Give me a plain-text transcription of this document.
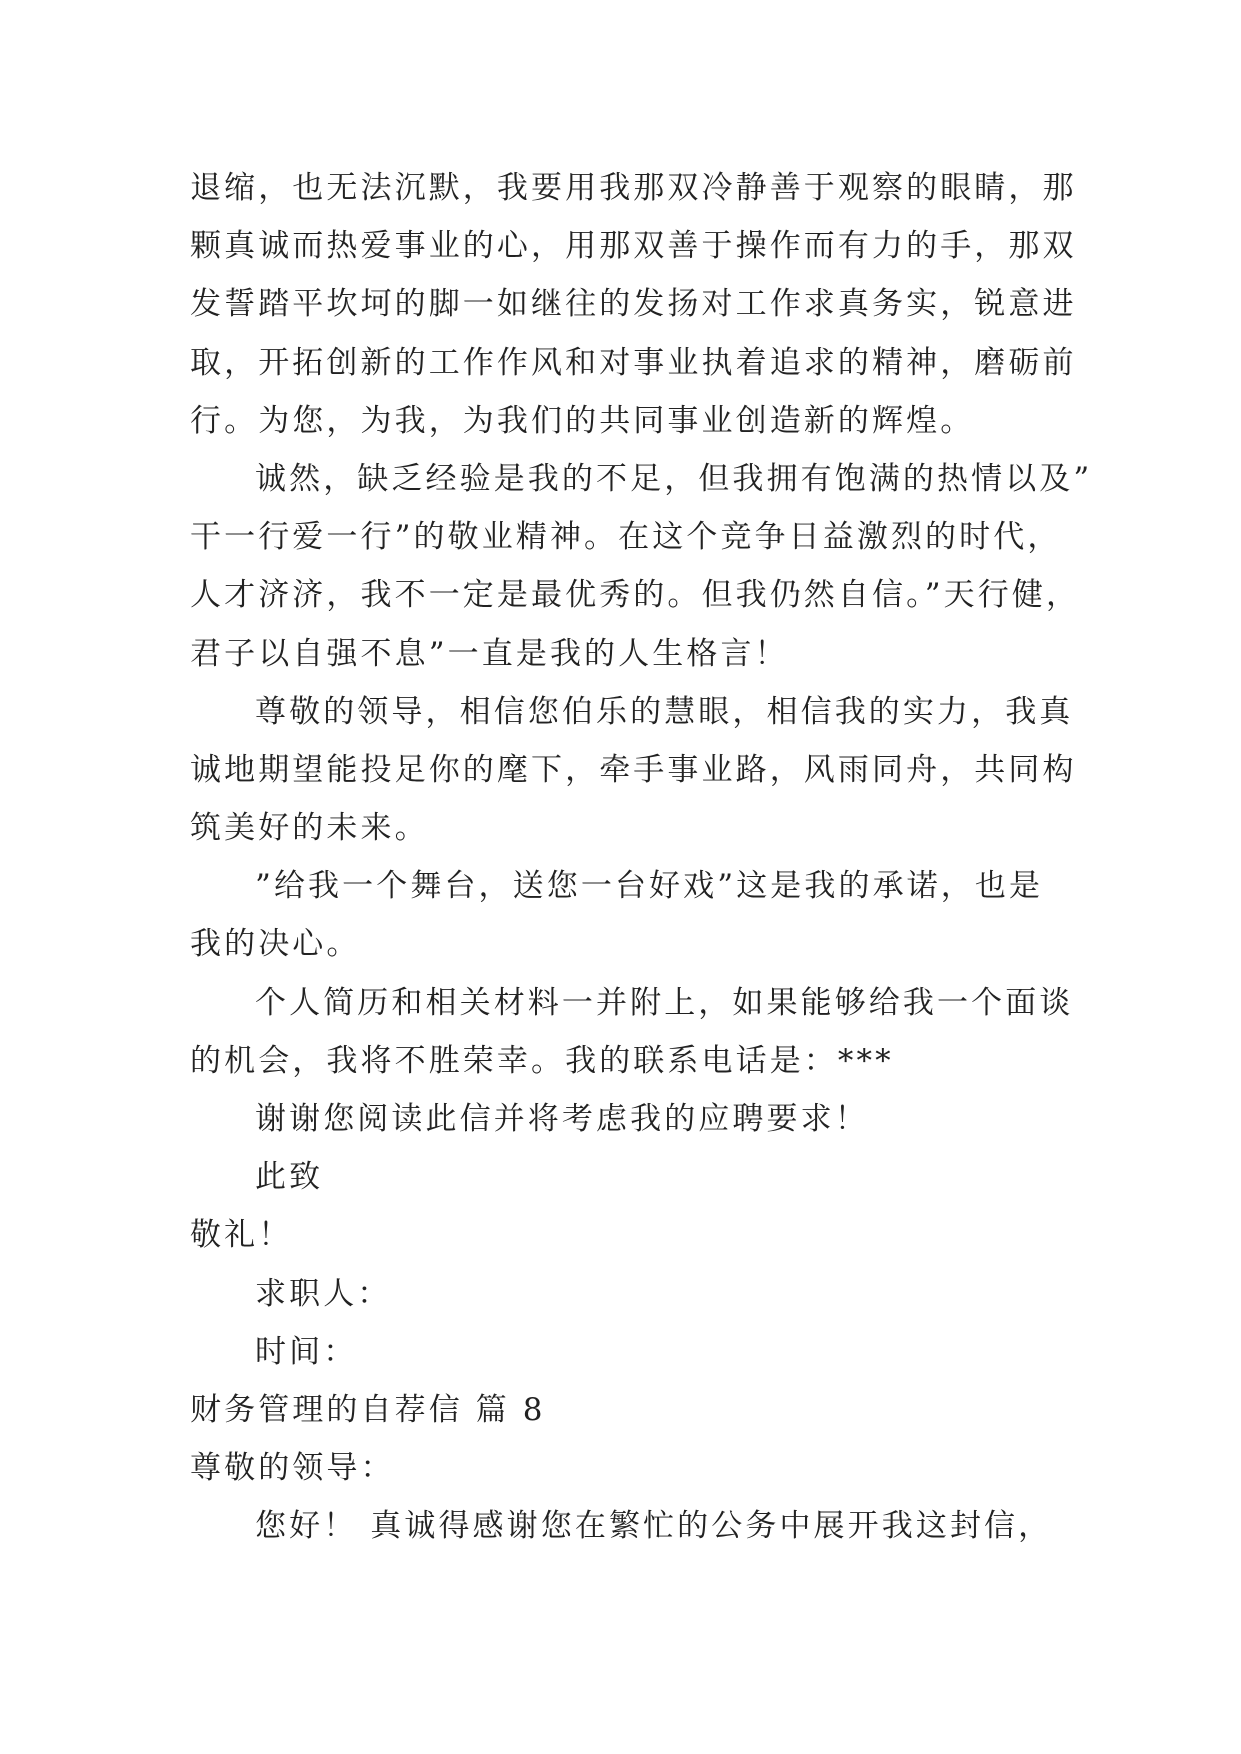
退缩，也无法沉默，我要用我那双冷静善于观察的眼睛，那
颗真诚而热爱事业的心，用那双善于操作而有力的手，那双
发誓踏平坎坷的脚一如继往的发扬对工作求真务实，锐意进
取，开拓创新的工作作风和对事业执着追求的精神，磨砺前
行。为您，为我，为我们的共同事业创造新的辉煌。
诚然，缺乏经验是我的不足，但我拥有饱满的热情以及”
干一行爱一行”的敬业精神。在这个竞争日益激烈的时代，
人才济济，我不一定是最优秀的。但我仍然自信。”天行健，
君子以自强不息”一直是我的人生格言！
尊敬的领导，相信您伯乐的慧眼，相信我的实力，我真
诚地期望能投足你的麾下，牵手事业路，风雨同舟，共同构
筑美好的未来。
”给我一个舞台，送您一台好戏”这是我的承诺，也是
我的决心。
个人简历和相关材料一并附上，如果能够给我一个面谈
的机会，我将不胜荣幸。我的联系电话是：***
谢谢您阅读此信并将考虑我的应聘要求！
此致
敬礼！
求职人：
时间：
财务管理的自荐信 篇 8
尊敬的领导：
您好！ 真诚得感谢您在繁忙的公务中展开我这封信，
